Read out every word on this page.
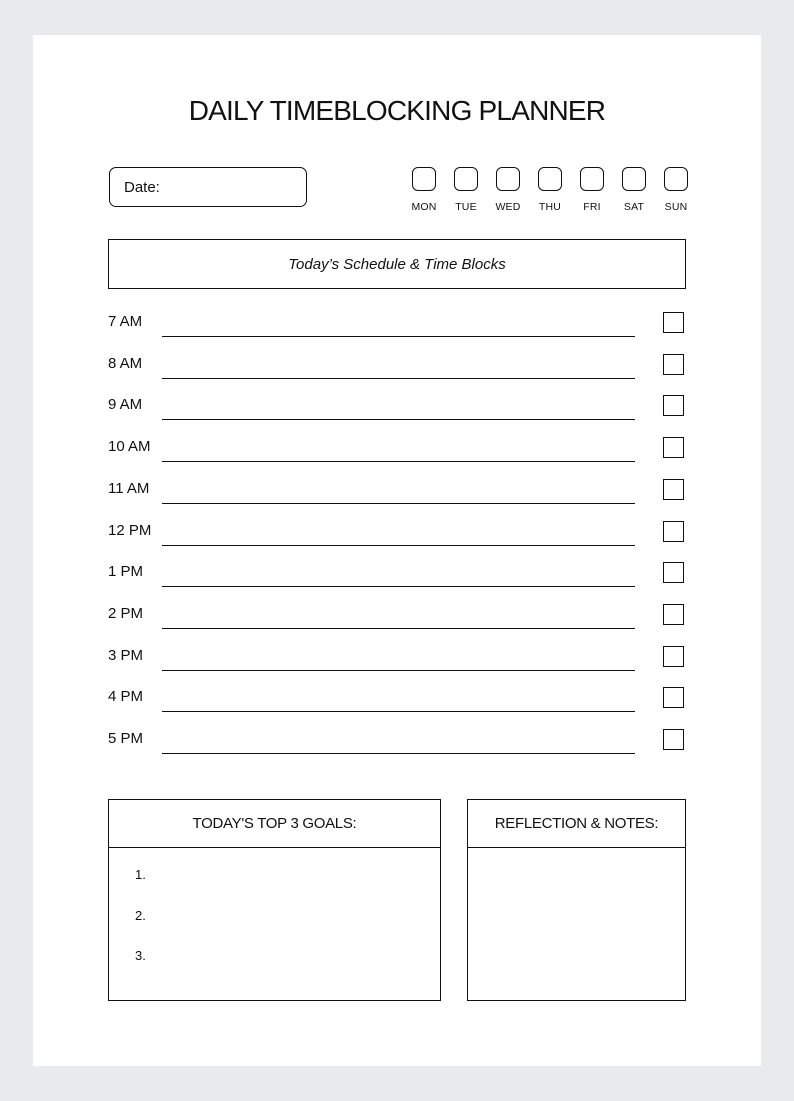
DAILY TIMEBLOCKING PLANNER
Date:
MON TUE WED THU FRI SAT SUN
Today’s Schedule & Time Blocks
7 AM
8 AM
9 AM
10 AM
11 AM
12 PM
1 PM
2 PM
3 PM
4 PM
5 PM
TODAY'S TOP 3 GOALS:
1.
2.
3.
REFLECTION & NOTES:
